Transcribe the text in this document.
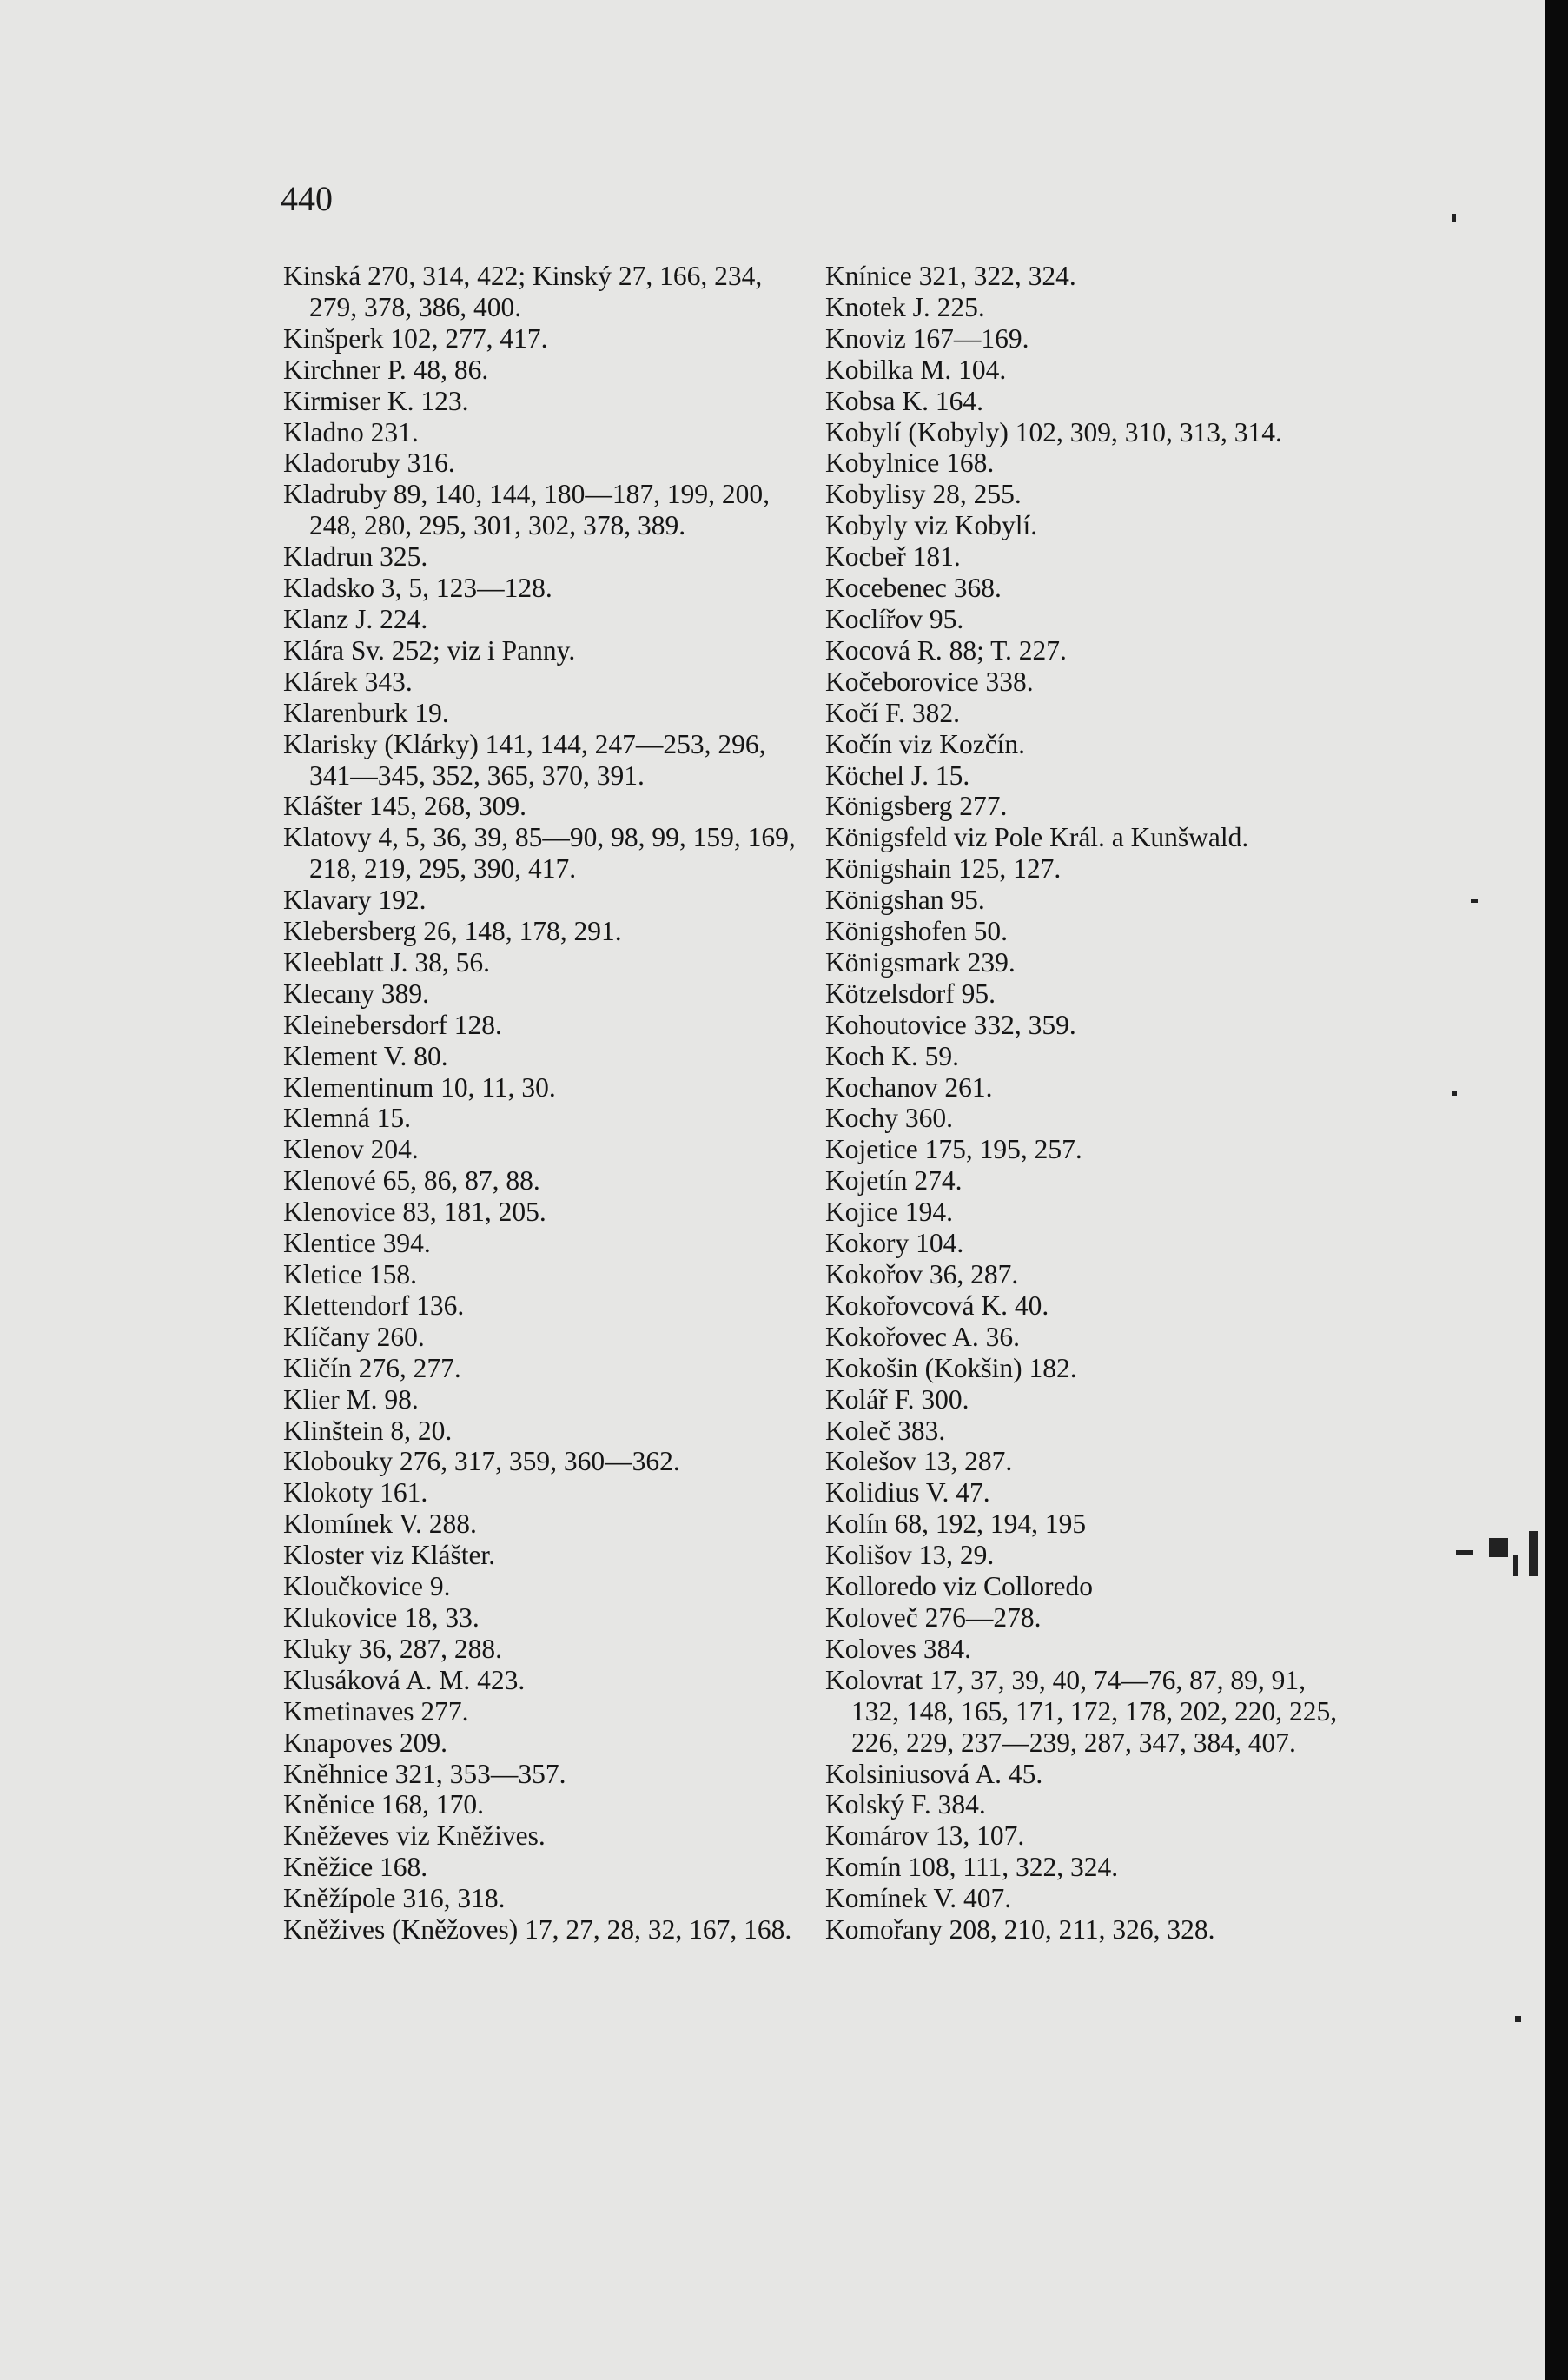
440
Kinská 270, 314, 422; Kinský 27, 166, 234, 279, 378, 386, 400.
Kinšperk 102, 277, 417.
Kirchner P. 48, 86.
Kirmiser K. 123.
Kladno 231.
Kladoruby 316.
Kladruby 89, 140, 144, 180—187, 199, 200, 248, 280, 295, 301, 302, 378, 389.
Kladrun 325.
Kladsko 3, 5, 123—128.
Klanz J. 224.
Klára Sv. 252; viz i Panny.
Klárek 343.
Klarenburk 19.
Klarisky (Klárky) 141, 144, 247—253, 296, 341—345, 352, 365, 370, 391.
Klášter 145, 268, 309.
Klatovy 4, 5, 36, 39, 85—90, 98, 99, 159, 169, 218, 219, 295, 390, 417.
Klavary 192.
Klebersberg 26, 148, 178, 291.
Kleeblatt J. 38, 56.
Klecany 389.
Kleinebersdorf 128.
Klement V. 80.
Klementinum 10, 11, 30.
Klemná 15.
Klenov 204.
Klenové 65, 86, 87, 88.
Klenovice 83, 181, 205.
Klentice 394.
Kletice 158.
Klettendorf 136.
Klíčany 260.
Kličín 276, 277.
Klier M. 98.
Klinštein 8, 20.
Klobouky 276, 317, 359, 360—362.
Klokoty 161.
Klomínek V. 288.
Kloster viz Klášter.
Kloučkovice 9.
Klukovice 18, 33.
Kluky 36, 287, 288.
Klusáková A. M. 423.
Kmetinaves 277.
Knapoves 209.
Kněhnice 321, 353—357.
Kněnice 168, 170.
Kněževes viz Kněžives.
Kněžice 168.
Kněžípole 316, 318.
Kněžives (Kněžoves) 17, 27, 28, 32, 167, 168.
Knínice 321, 322, 324.
Knotek J. 225.
Knoviz 167—169.
Kobilka M. 104.
Kobsa K. 164.
Kobylí (Kobyly) 102, 309, 310, 313, 314.
Kobylnice 168.
Kobylisy 28, 255.
Kobyly viz Kobylí.
Kocbeř 181.
Kocebenec 368.
Koclířov 95.
Kocová R. 88; T. 227.
Kočeborovice 338.
Kočí F. 382.
Kočín viz Kozčín.
Köchel J. 15.
Königsberg 277.
Königsfeld viz Pole Král. a Kunšwald.
Königshain 125, 127.
Königshan 95.
Königshofen 50.
Königsmark 239.
Kötzelsdorf 95.
Kohoutovice 332, 359.
Koch K. 59.
Kochanov 261.
Kochy 360.
Kojetice 175, 195, 257.
Kojetín 274.
Kojice 194.
Kokory 104.
Kokořov 36, 287.
Kokořovcová K. 40.
Kokořovec A. 36.
Kokošin (Kokšin) 182.
Kolář F. 300.
Koleč 383.
Kolešov 13, 287.
Kolidius V. 47.
Kolín 68, 192, 194, 195
Kolišov 13, 29.
Kolloredo viz Colloredo
Koloveč 276—278.
Koloves 384.
Kolovrat 17, 37, 39, 40, 74—76, 87, 89, 91, 132, 148, 165, 171, 172, 178, 202, 220, 225, 226, 229, 237—239, 287, 347, 384, 407.
Kolsiniusová A. 45.
Kolský F. 384.
Komárov 13, 107.
Komín 108, 111, 322, 324.
Komínek V. 407.
Komořany 208, 210, 211, 326, 328.
